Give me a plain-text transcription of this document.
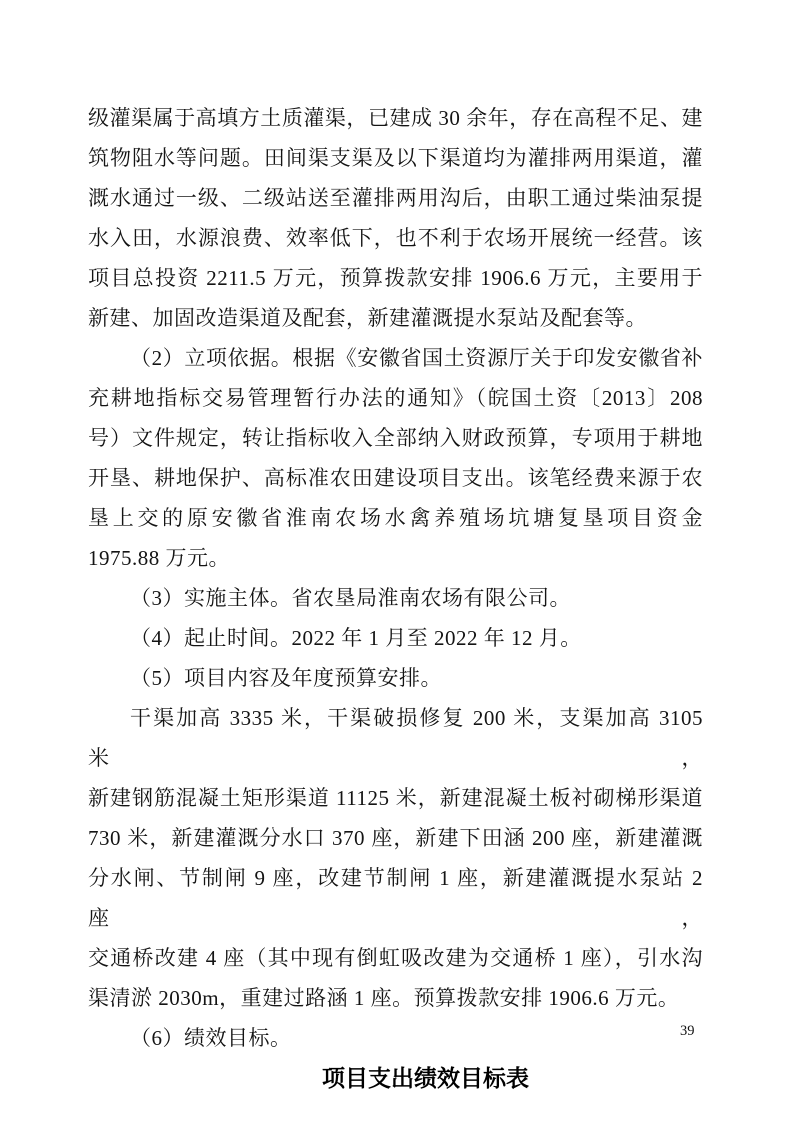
级灌渠属于高填方土质灌渠，已建成 30 余年，存在高程不足、建
筑物阻水等问题。田间渠支渠及以下渠道均为灌排两用渠道，灌
溉水通过一级、二级站送至灌排两用沟后，由职工通过柴油泵提
水入田，水源浪费、效率低下，也不利于农场开展统一经营。该
项目总投资 2211.5 万元，预算拨款安排 1906.6 万元，主要用于
新建、加固改造渠道及配套，新建灌溉提水泵站及配套等。
（2）立项依据。根据《安徽省国土资源厅关于印发安徽省补
充耕地指标交易管理暂行办法的通知》（皖国土资〔2013〕208
号）文件规定，转让指标收入全部纳入财政预算，专项用于耕地
开垦、耕地保护、高标准农田建设项目支出。该笔经费来源于农
垦上交的原安徽省淮南农场水禽养殖场坑塘复垦项目资金
1975.88 万元。
（3）实施主体。省农垦局淮南农场有限公司。
（4）起止时间。2022 年 1 月至 2022 年 12 月。
（5）项目内容及年度预算安排。
干渠加高 3335 米，干渠破损修复 200 米，支渠加高 3105 米，
新建钢筋混凝土矩形渠道 11125 米，新建混凝土板衬砌梯形渠道
730 米，新建灌溉分水口 370 座，新建下田涵 200 座，新建灌溉
分水闸、节制闸 9 座，改建节制闸 1 座，新建灌溉提水泵站 2 座，
交通桥改建 4 座（其中现有倒虹吸改建为交通桥 1 座），引水沟
渠清淤 2030m，重建过路涵 1 座。预算拨款安排 1906.6 万元。
（6）绩效目标。
项目支出绩效目标表
39
